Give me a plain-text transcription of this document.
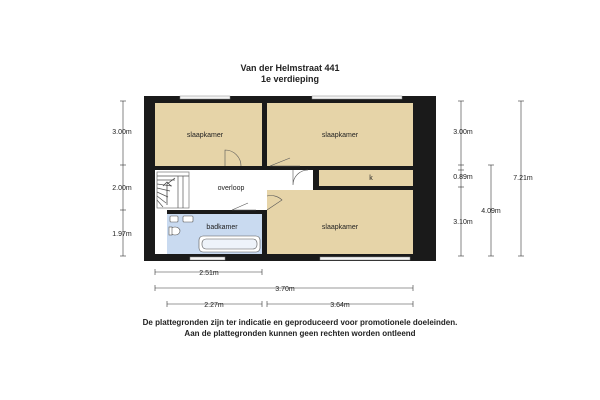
Van der Helmstraat 441
1e verdieping
slaapkamer	slaapkamer
overloop
k
badkamer	slaapkamer
3.00m
2.00m
1.97m
3.00m
0.89m
3.10m
4.09m
7.21m
2.51m
3.70m
2.27m	3.64m
De plattegronden zijn ter indicatie en geproduceerd voor promotionele doeleinden.
Aan de plattegronden kunnen geen rechten worden ontleend
